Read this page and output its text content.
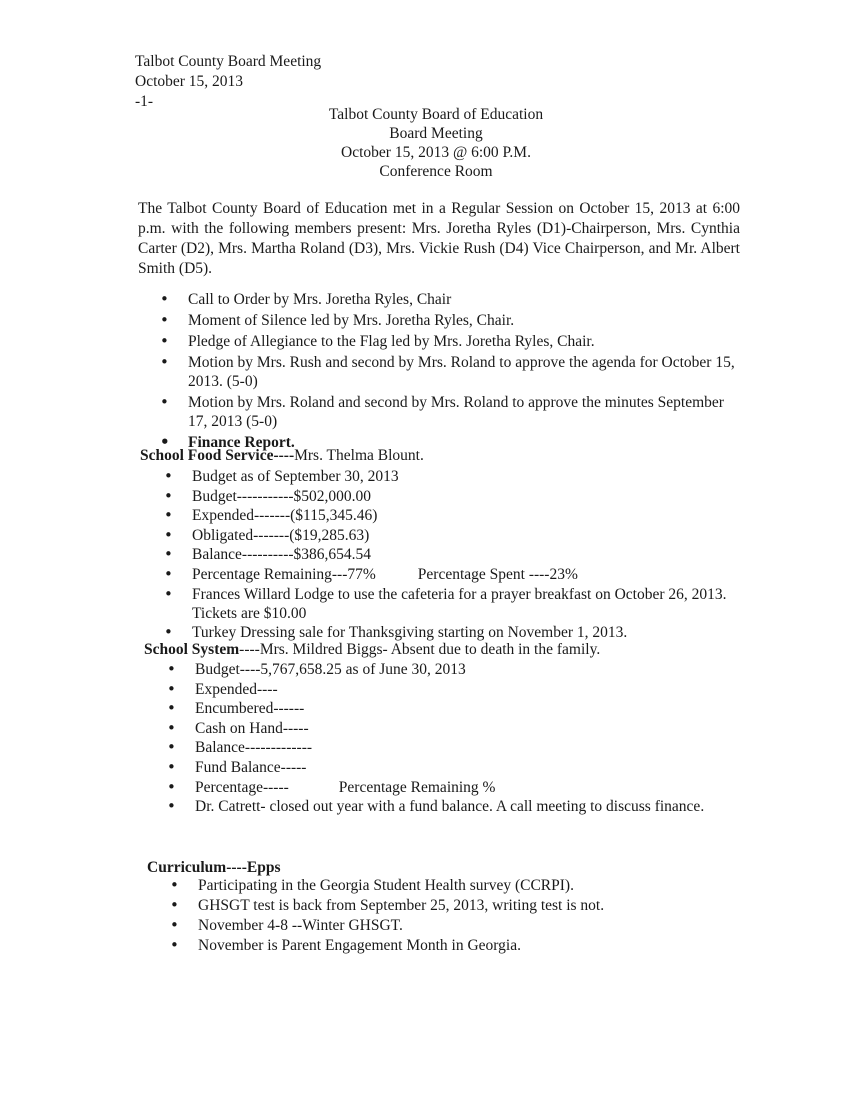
Talbot County Board Meeting
October 15, 2013
-1-
Talbot County Board of Education
Board Meeting
October 15, 2013 @ 6:00 P.M.
Conference Room
The Talbot County Board of Education met in a Regular Session on October 15, 2013 at 6:00 p.m. with the following members present: Mrs. Joretha Ryles (D1)-Chairperson, Mrs. Cynthia Carter (D2), Mrs. Martha Roland (D3), Mrs. Vickie Rush (D4) Vice Chairperson, and Mr. Albert Smith (D5).
• Call to Order by Mrs. Joretha Ryles, Chair
• Moment of Silence led by Mrs. Joretha Ryles, Chair.
• Pledge of Allegiance to the Flag led by Mrs. Joretha Ryles, Chair.
• Motion by Mrs. Rush and second by Mrs. Roland to approve the agenda for October 15, 2013. (5-0)
• Motion by Mrs. Roland and second by Mrs. Roland to approve the minutes September 17, 2013 (5-0)
• Finance Report.
School Food Service----Mrs. Thelma Blount.
• Budget as of September 30, 2013
• Budget-----------$502,000.00
• Expended-------($115,345.46)
• Obligated-------($19,285.63)
• Balance----------$386,654.54
• Percentage Remaining---77%	Percentage Spent ----23%
• Frances Willard Lodge to use the cafeteria for a prayer breakfast on October 26, 2013. Tickets are $10.00
• Turkey Dressing sale for Thanksgiving starting on November 1, 2013.
School System----Mrs. Mildred Biggs- Absent due to death in the family.
• Budget----5,767,658.25 as of June 30, 2013
• Expended----
• Encumbered------
• Cash on Hand-----
• Balance-------------
• Fund Balance-----
• Percentage-----	Percentage Remaining %
• Dr. Catrett- closed out year with a fund balance. A call meeting to discuss finance.
Curriculum----Epps
• Participating in the Georgia Student Health survey (CCRPI).
• GHSGT test is back from September 25, 2013, writing test is not.
• November 4-8 --Winter GHSGT.
• November is Parent Engagement Month in Georgia.
